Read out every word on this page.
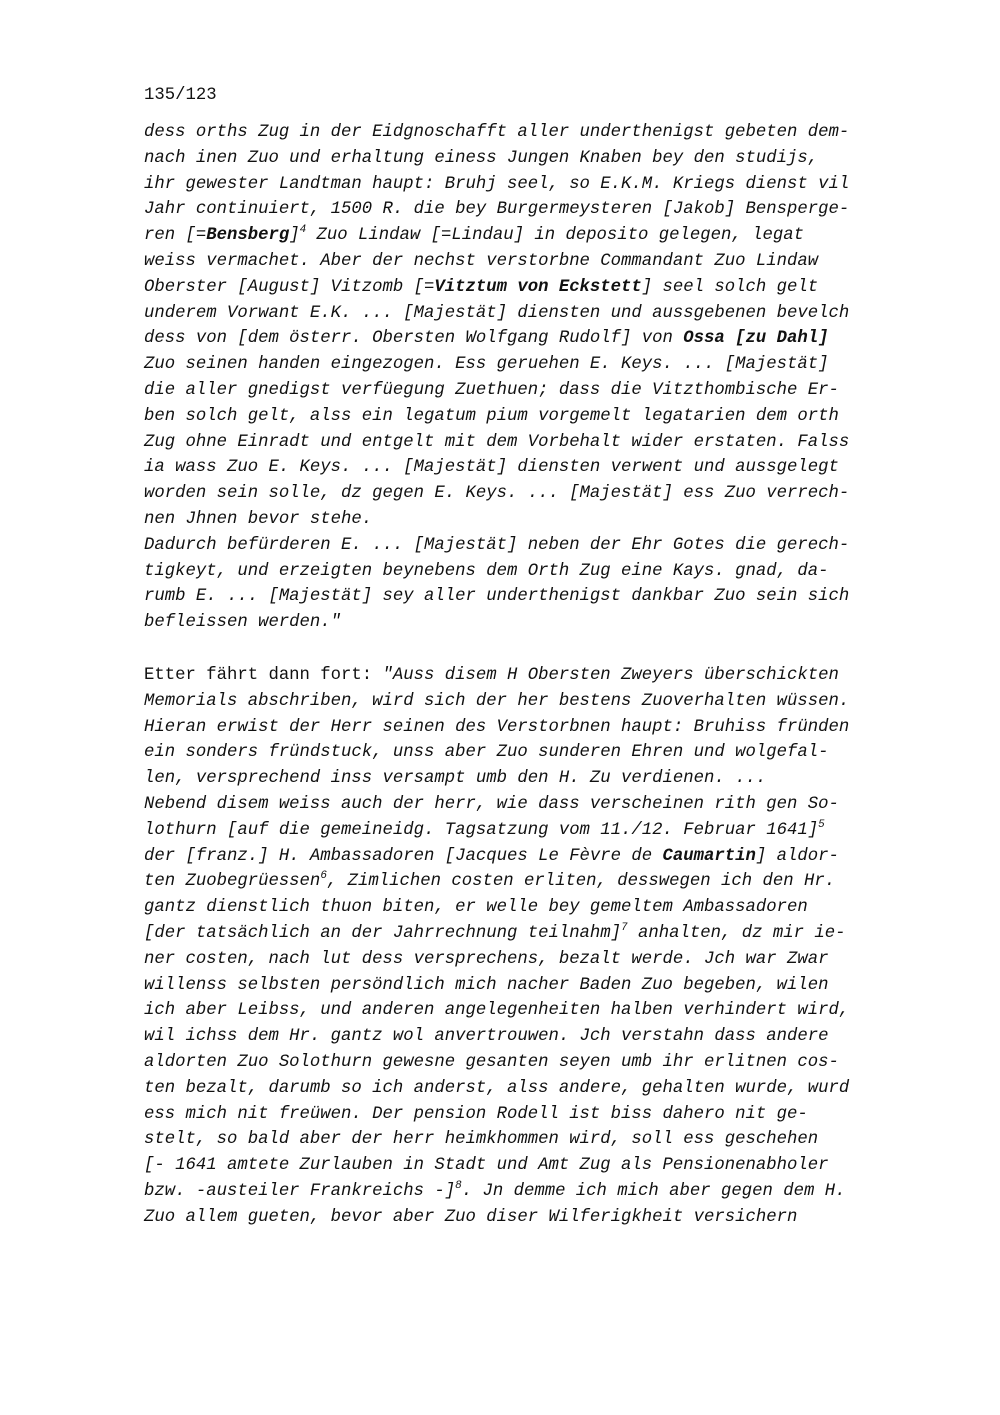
135/123
dess orths Zug in der Eidgnoschafft aller underthenigst gebeten dem-
nach inen Zuo und erhaltung einess Jungen Knaben bey den studijs,
ihr gewester Landtman haupt: Bruhj seel, so E.K.M. Kriegs dienst vil
Jahr continuiert, 1500 R. die bey Burgermeysteren [Jakob] Benspergе-
ren [=Bensberg]$^4$ Zuo Lindaw [=Lindau] in deposito gelegen, legat
weiss vermachet. Aber der nechst verstorbne Commandant Zuo Lindaw
Oberster [August] Vitzomb [=Vitztum von Eckstett] seel solch gelt
underem Vorwant E.K. ... [Majestät] diensten und aussgebenen bevelch
dess von [dem österr. Obersten Wolfgang Rudolf] von Ossa [zu Dahl]
Zuo seinen handen eingezogen. Ess geruehen E. Keys. ... [Majestät]
die aller gnedigst verfüegung Zuethuen; dass die Vitzthombische Er-
ben solch gelt, alss ein legatum pium vorgemelt legatarien dem orth
Zug ohne Einradt und entgelt mit dem Vorbehalt wider erstaten. Falss
ia wass Zuo E. Keys. ... [Majestät] diensten verwent und aussgelegt
worden sein solle, dz gegen E. Keys. ... [Majestät] ess Zuo verrech-
nen Jhnen bevor stehe.
Dadurch befürderen E. ... [Majestät] neben der Ehr Gotes die gerech-
tigkeyt, und erzeigten beynebens dem Orth Zug eine Kays. gnad, da-
rumb E. ... [Majestät] sey aller underthenigst dankbar Zuo sein sich
befleissen werden."
Etter fährt dann fort: "Auss disem H Obersten Zweyers überschickten
Memorials abschriben, wird sich der her bestens Zuoverhalten wüssen.
Hieran erwist der Herr seinen des Verstorbnen haupt: Bruhiss fründen
ein sonders fründstuck, unss aber Zuo sunderen Ehren und wolgefal-
len, versprechend inss versampt umb den H. Zu verdienen. ...
Nebend disem weiss auch der herr, wie dass verscheinen rith gen So-
lothurn [auf die gemeineidg. Tagsatzung vom 11./12. Februar 1641]$^5$
der [franz.] H. Ambassadoren [Jacques Le Fèvre de Caumartin] aldor-
ten Zuobegrüessen$^6$, Zimlichen costen erliten, desswegen ich den Hr.
gantz dienstlich thuon biten, er welle bey gemeltem Ambassadoren
[der tatsächlich an der Jahrrechnung teilnahm]$^7$ anhalten, dz mir ie-
ner costen, nach lut dess versprechens, bezalt werde. Jch war Zwar
willenss selbsten persöndlich mich nacher Baden Zuo begeben, wilen
ich aber Leibss, und anderen angelegenheiten halben verhindert wird,
wil ichss dem Hr. gantz wol anvertrouwen. Jch verstahn dass andere
aldorten Zuo Solothurn gewesne gesanten seyen umb ihr erlitnen cos-
ten bezalt, darumb so ich anderst, alss andere, gehalten wurde, wurd
ess mich nit freüwen. Der pension Rodell ist biss dahero nit ge-
stelt, so bald aber der herr heimkhommen wird, soll ess geschehen
[- 1641 amtete Zurlauben in Stadt und Amt Zug als Pensionenabholer
bzw. -austeiler Frankreichs -]$^8$. Jn demme ich mich aber gegen dem H.
Zuo allem gueten, bevor aber Zuo diser Wilferigkheit versichern
